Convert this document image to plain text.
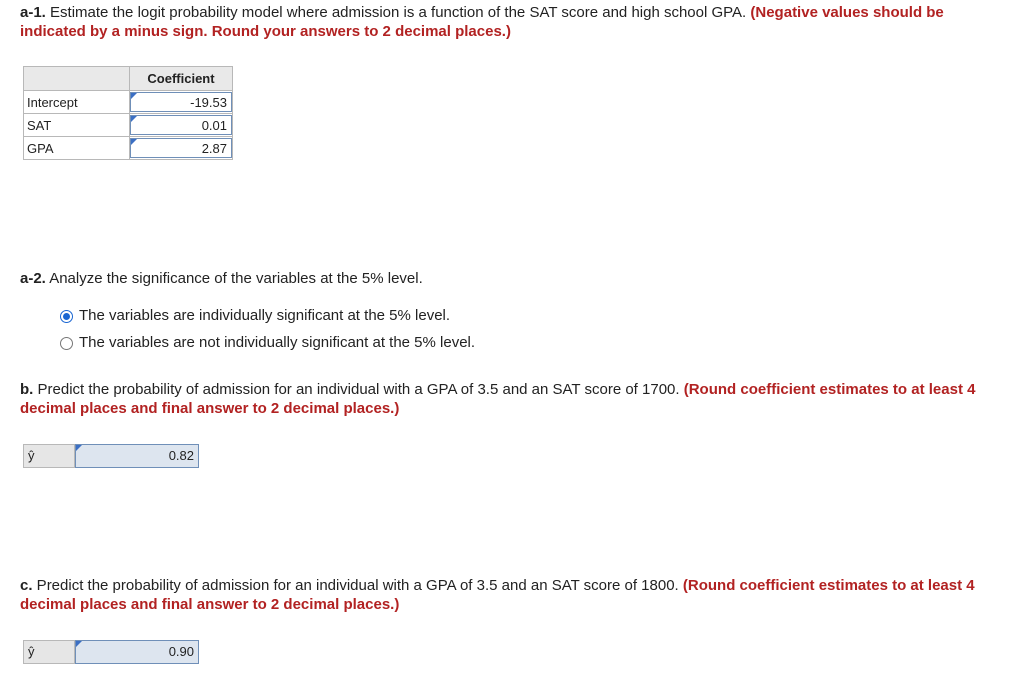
a-1. Estimate the logit probability model where admission is a function of the SAT score and high school GPA. (Negative values should be indicated by a minus sign. Round your answers to 2 decimal places.)
	Coefficient
Intercept	-19.53

SAT	0.01

GPA	2.87
a-2. Analyze the significance of the variables at the 5% level.
The variables are individually significant at the 5% level.
The variables are not individually significant at the 5% level.
b. Predict the probability of admission for an individual with a GPA of 3.5 and an SAT score of 1700. (Round coefficient estimates to at least 4 decimal places and final answer to 2 decimal places.)
ŷ	0.82
c. Predict the probability of admission for an individual with a GPA of 3.5 and an SAT score of 1800. (Round coefficient estimates to at least 4 decimal places and final answer to 2 decimal places.)
ŷ	0.90
